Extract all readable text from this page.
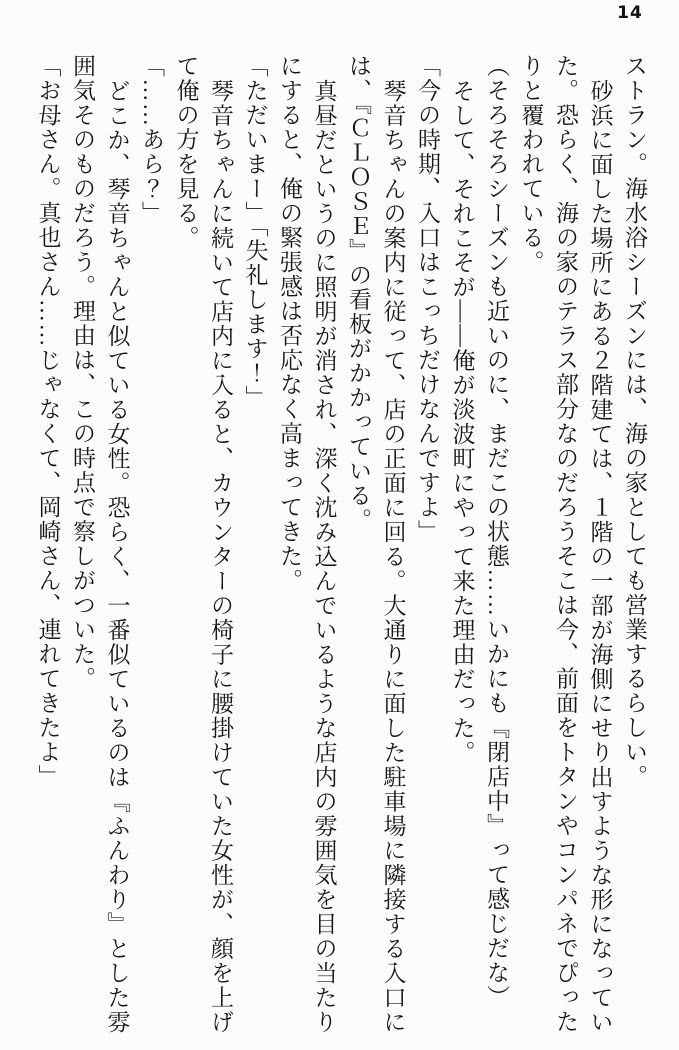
14

ストラン。海水浴シーズンには、海の家としても営業するらしい。

砂浜に面した場所にある２階建ては、１階の一部が海側にせり出すような形になってい

た。恐らく、海の家のテラス部分なのだろうそこは今、前面をトタンやコンパネでぴった

りと覆われている。

（そろそろシーズンも近いのに、まだこの状態……いかにも『閉店中』って感じだな）

そして、それこそが――俺が淡波町にやって来た理由だった。

「今の時期、入口はこっちだけなんですよ」

琴音ちゃんの案内に従って、店の正面に回る。大通りに面した駐車場に隣接する入口に

は、『ＣＬＯＳＥ』の看板がかかっている。

真昼だというのに照明が消され、深く沈み込んでいるような店内の雰囲気を目の当たり

にすると、俺の緊張感は否応なく高まってきた。

「ただいまー」「失礼します！」

琴音ちゃんに続いて店内に入ると、カウンターの椅子に腰掛けていた女性が、顔を上げ

て俺の方を見る。

「……あら？」

どこか、琴音ちゃんと似ている女性。恐らく、一番似ているのは『ふんわり』とした雰

囲気そのものだろう。理由は、この時点で察しがついた。

「お母さん。真也さん……じゃなくて、岡崎さん、連れてきたよ」
